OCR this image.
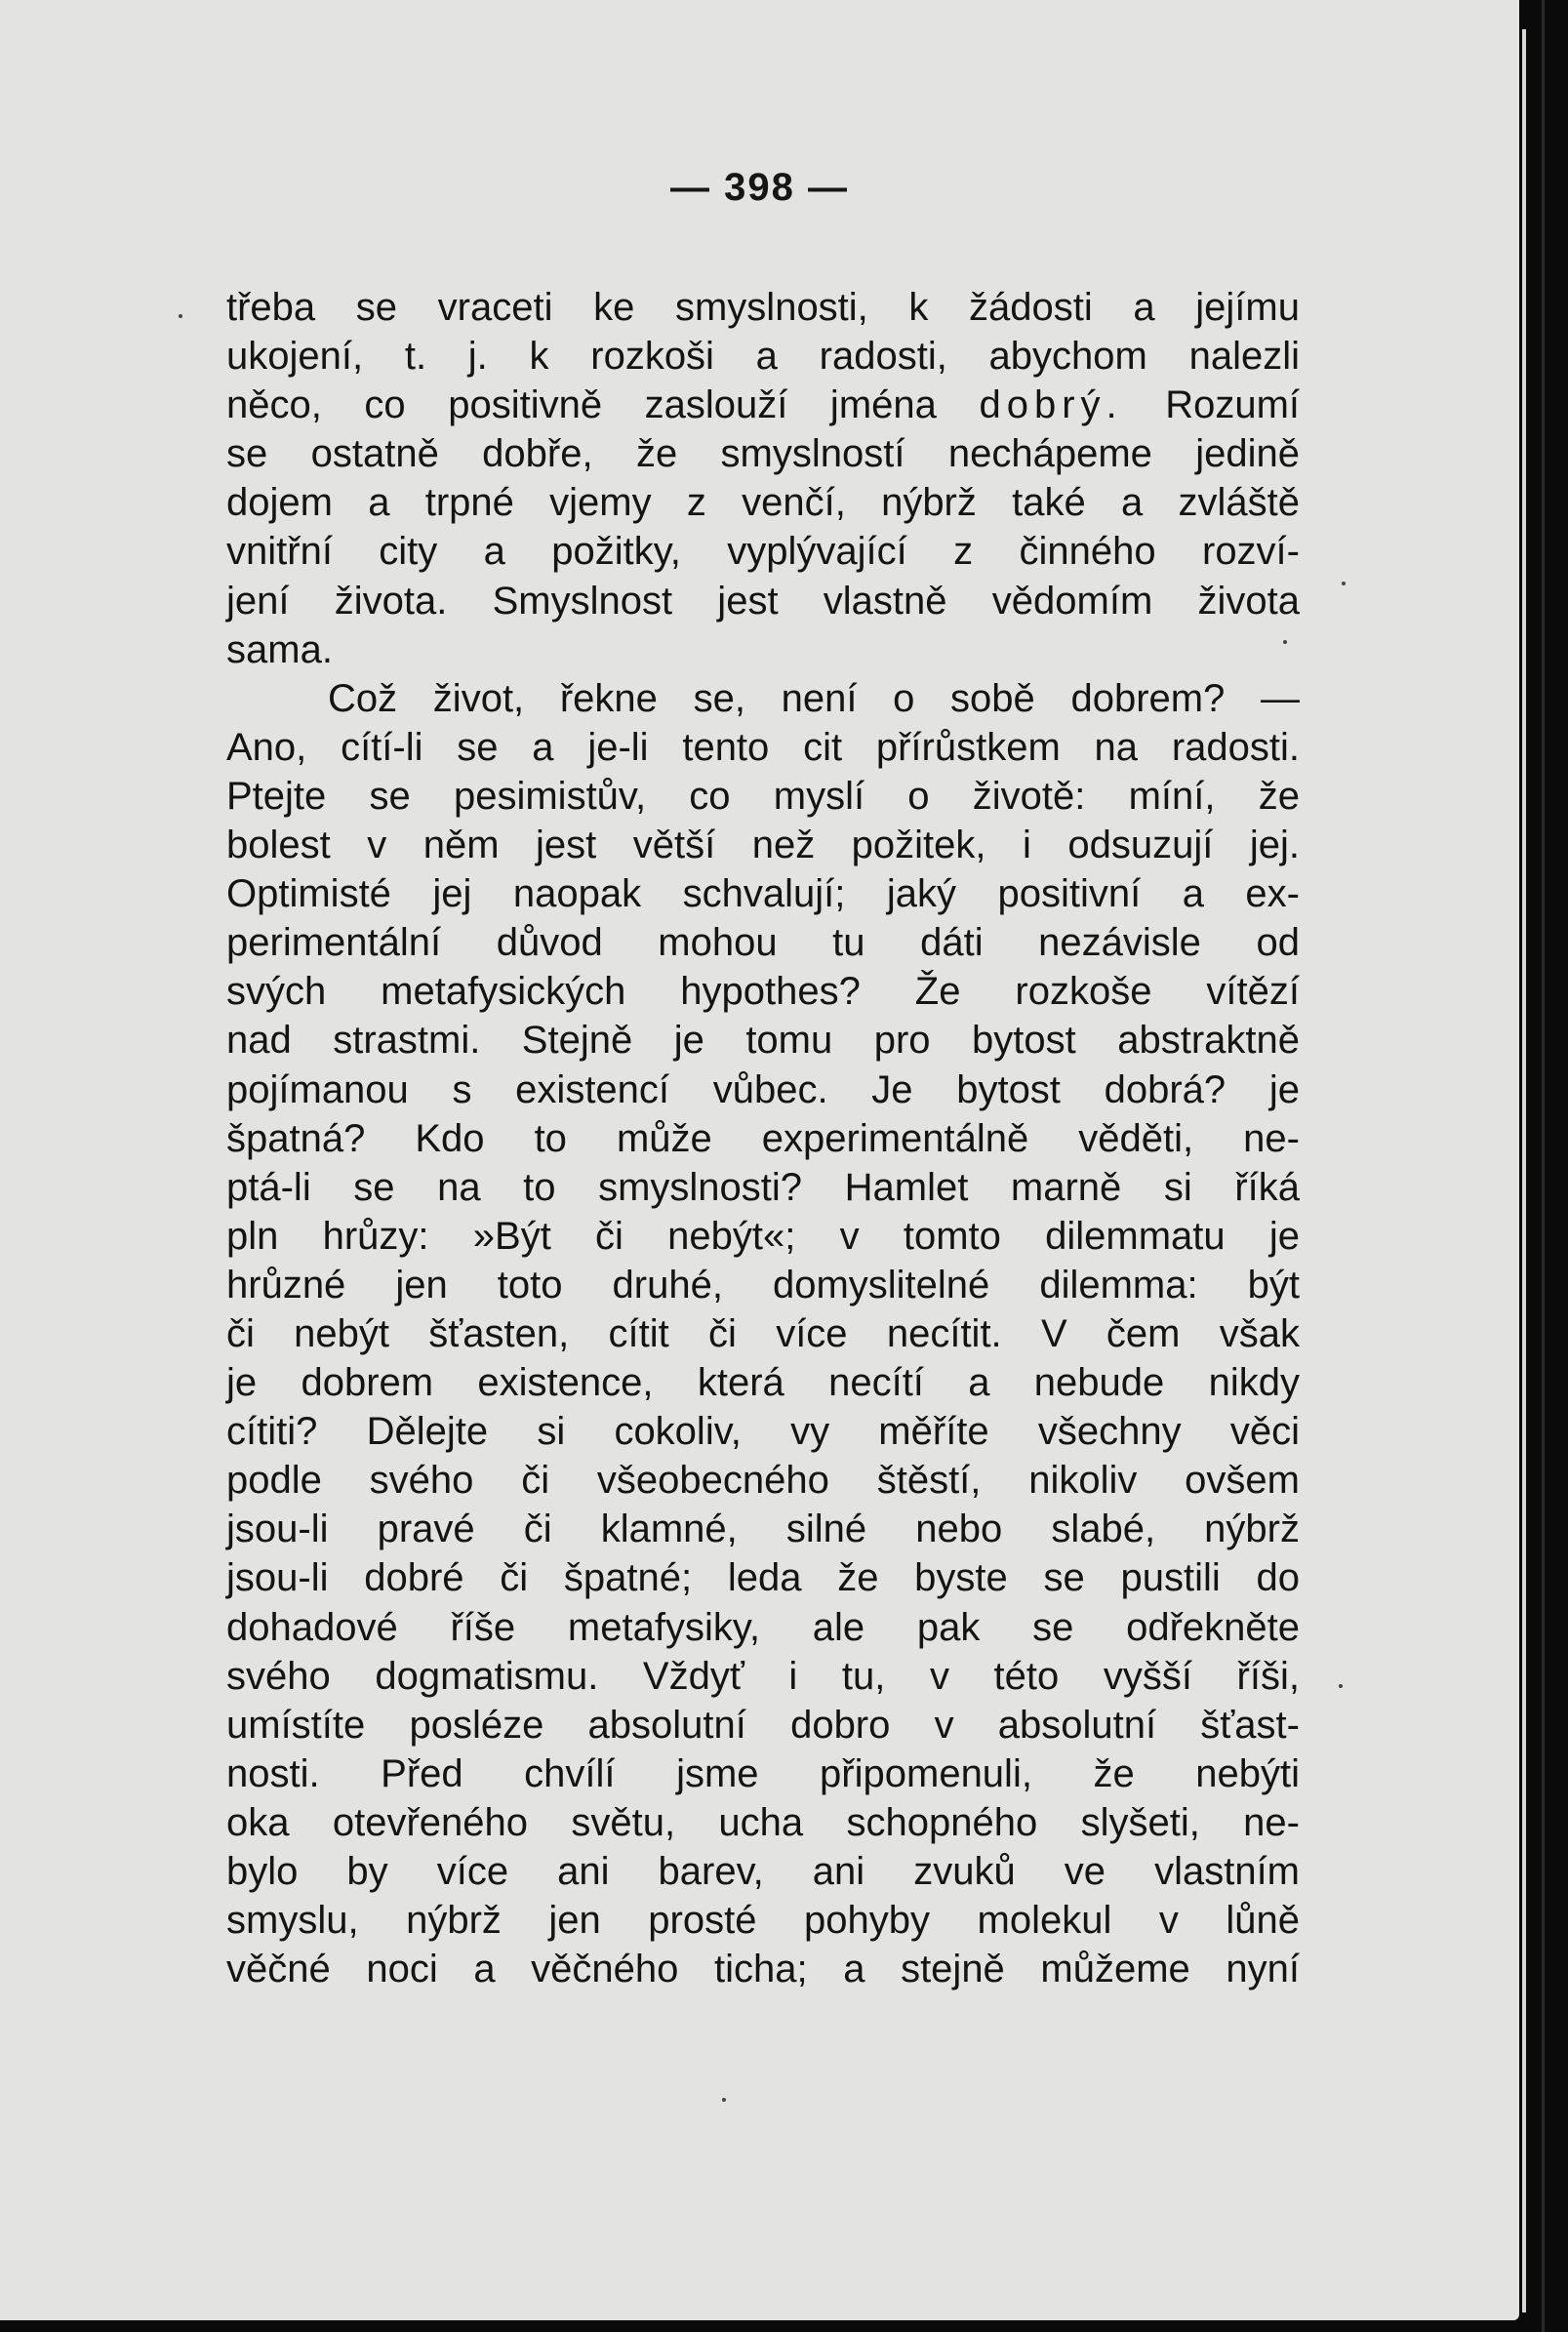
— 398 —
třeba se vraceti ke smyslnosti, k žádosti a jejímu
ukojení, t. j. k rozkoši a radosti, abychom nalezli
něco, co positivně zaslouží jména dobrý. Rozumí
se ostatně dobře, že smyslností nechápeme jedině
dojem a trpné vjemy z venčí, nýbrž také a zvláště
vnitřní city a požitky, vyplývající z činného rozví-
jení života. Smyslnost jest vlastně vědomím života
sama.
Což život, řekne se, není o sobě dobrem? —
Ano, cítí-li se a je-li tento cit přírůstkem na radosti.
Ptejte se pesimistův, co myslí o životě: míní, že
bolest v něm jest větší než požitek, i odsuzují jej.
Optimisté jej naopak schvalují; jaký positivní a ex-
perimentální důvod mohou tu dáti nezávisle od
svých metafysických hypothes? Že rozkoše vítězí
nad strastmi. Stejně je tomu pro bytost abstraktně
pojímanou s existencí vůbec. Je bytost dobrá? je
špatná? Kdo to může experimentálně věděti, ne-
ptá-li se na to smyslnosti? Hamlet marně si říká
pln hrůzy: »Být či nebýt«; v tomto dilemmatu je
hrůzné jen toto druhé, domyslitelné dilemma: být
či nebýt šťasten, cítit či více necítit. V čem však
je dobrem existence, která necítí a nebude nikdy
cítiti? Dělejte si cokoliv, vy měříte všechny věci
podle svého či všeobecného štěstí, nikoliv ovšem
jsou-li pravé či klamné, silné nebo slabé, nýbrž
jsou-li dobré či špatné; leda že byste se pustili do
dohadové říše metafysiky, ale pak se odřekněte
svého dogmatismu. Vždyť i tu, v této vyšší říši,
umístíte posléze absolutní dobro v absolutní šťast-
nosti. Před chvílí jsme připomenuli, že nebýti
oka otevřeného světu, ucha schopného slyšeti, ne-
bylo by více ani barev, ani zvuků ve vlastním
smyslu, nýbrž jen prosté pohyby molekul v lůně
věčné noci a věčného ticha; a stejně můžeme nyní
